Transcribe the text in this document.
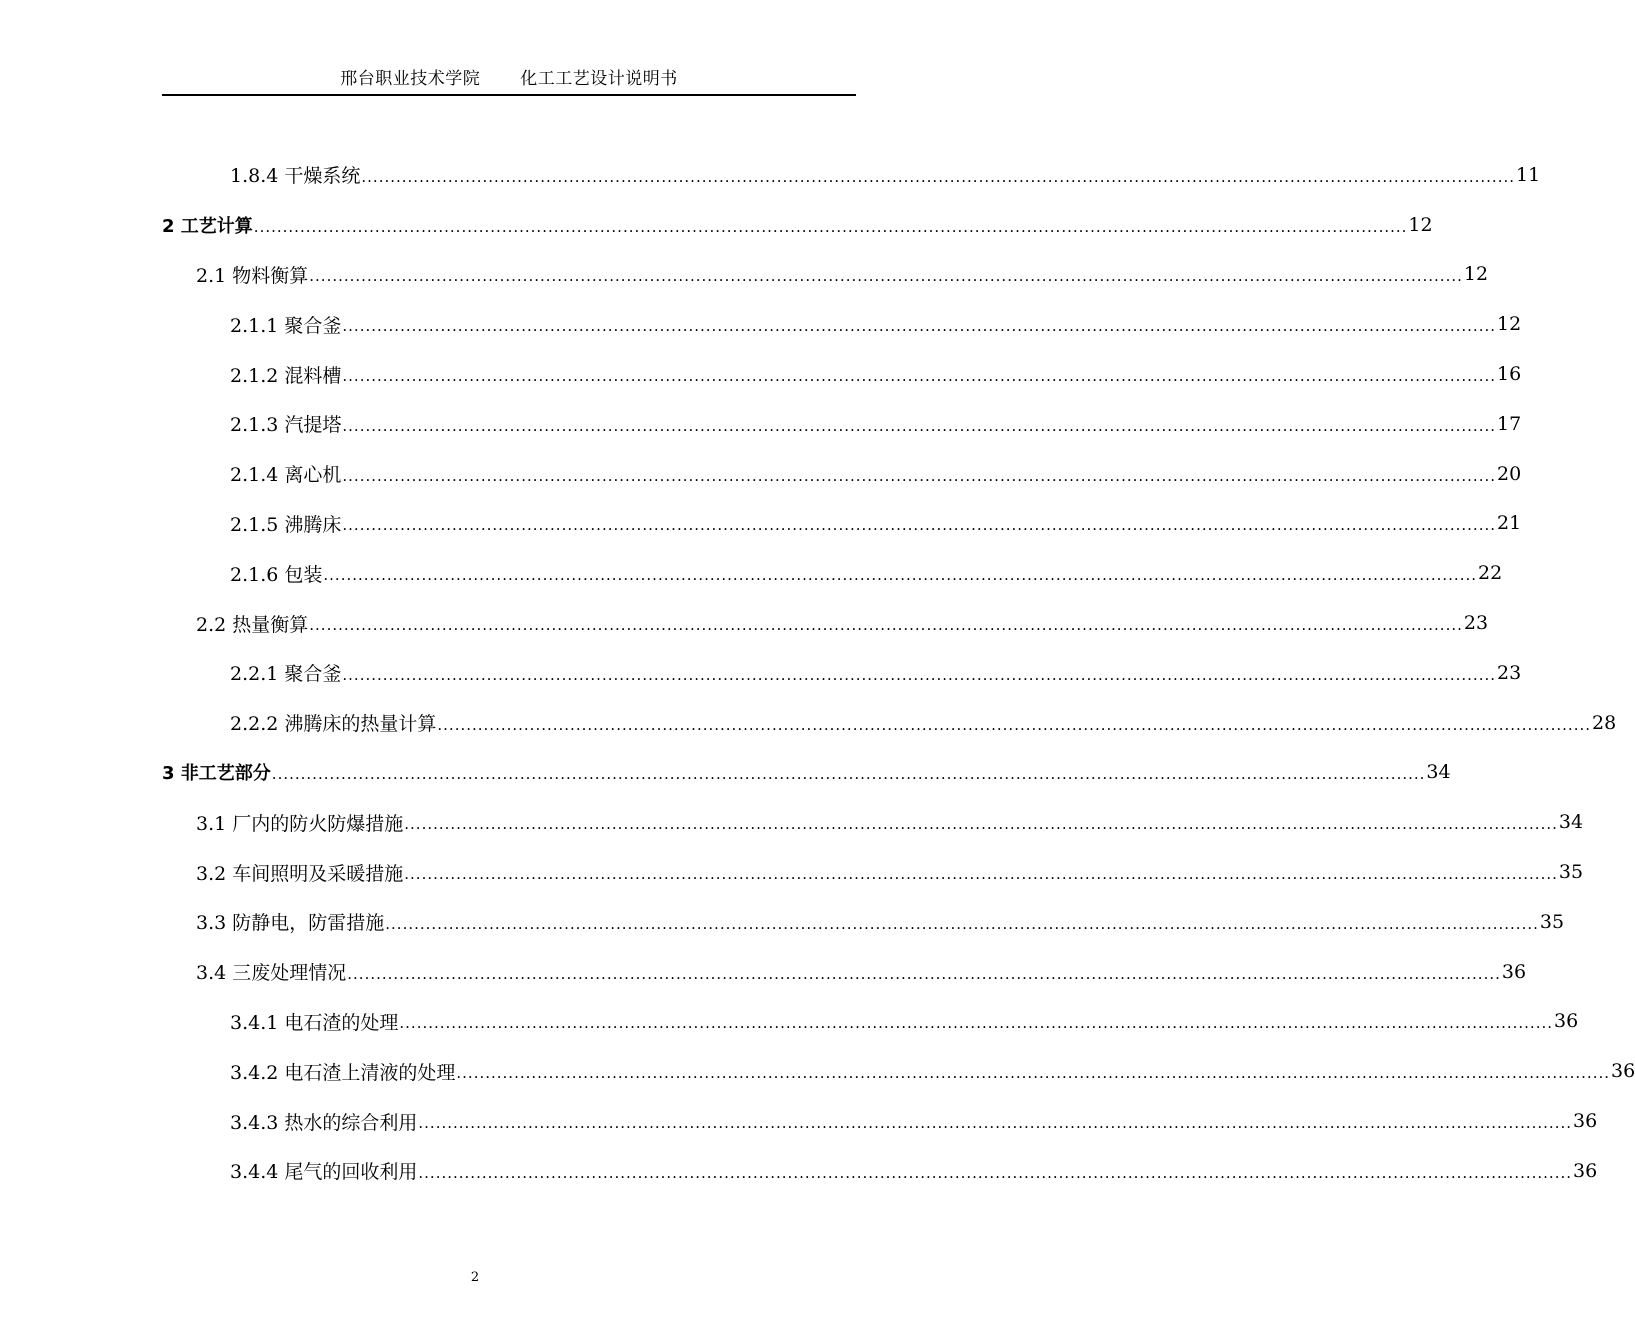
邢台职业技术学院 化工工艺设计说明书
1.8.4 干燥系统 ........................................................................................................................................................................................................ 11
2 工艺计算 ........................................................................................................................................................................................................ 12
2.1 物料衡算 ........................................................................................................................................................................................................ 12
2.1.1 聚合釜 ........................................................................................................................................................................................................ 12
2.1.2 混料槽 ........................................................................................................................................................................................................ 16
2.1.3 汽提塔 ........................................................................................................................................................................................................ 17
2.1.4 离心机 ........................................................................................................................................................................................................ 20
2.1.5 沸腾床 ........................................................................................................................................................................................................ 21
2.1.6 包装 ........................................................................................................................................................................................................ 22
2.2 热量衡算 ........................................................................................................................................................................................................ 23
2.2.1 聚合釜 ........................................................................................................................................................................................................ 23
2.2.2 沸腾床的热量计算 ........................................................................................................................................................................................................ 28
3 非工艺部分 ........................................................................................................................................................................................................ 34
3.1 厂内的防火防爆措施 ........................................................................................................................................................................................................ 34
3.2 车间照明及采暖措施 ........................................................................................................................................................................................................ 35
3.3 防静电，防雷措施 ........................................................................................................................................................................................................ 35
3.4 三废处理情况 ........................................................................................................................................................................................................ 36
3.4.1 电石渣的处理 ........................................................................................................................................................................................................ 36
3.4.2 电石渣上清液的处理 ........................................................................................................................................................................................................ 36
3.4.3 热水的综合利用 ........................................................................................................................................................................................................ 36
3.4.4 尾气的回收利用 ........................................................................................................................................................................................................ 36
2
